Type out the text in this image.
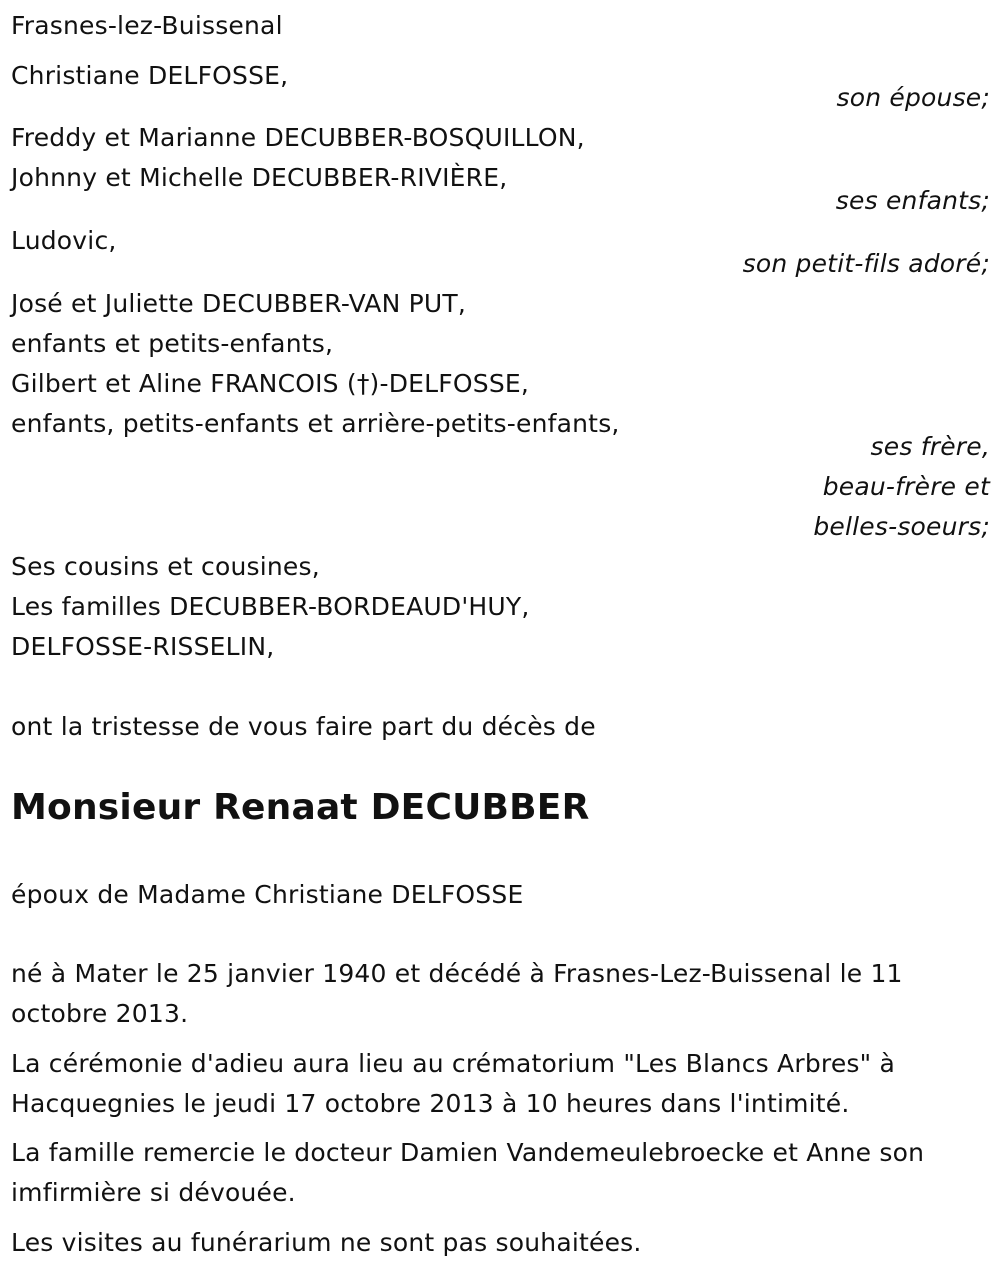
Frasnes-lez-Buissenal
Christiane DELFOSSE,
son épouse;
Freddy et Marianne DECUBBER-BOSQUILLON,
Johnny et Michelle DECUBBER-RIVIÈRE,
ses enfants;
Ludovic,
son petit-fils adoré;
José et Juliette DECUBBER-VAN PUT,
enfants et petits-enfants,
Gilbert et Aline FRANCOIS (†)-DELFOSSE,
enfants, petits-enfants et arrière-petits-enfants,
ses frère,
beau-frère et
belles-soeurs;
Ses cousins et cousines,
Les familles DECUBBER-BORDEAUD'HUY,
DELFOSSE-RISSELIN,
ont la tristesse de vous faire part du décès de
Monsieur Renaat DECUBBER
époux de Madame Christiane DELFOSSE
né à Mater le 25 janvier 1940 et décédé à Frasnes-Lez-Buissenal le 11
octobre 2013.
La cérémonie d'adieu aura lieu au crématorium "Les Blancs Arbres" à
Hacquegnies le jeudi 17 octobre 2013 à 10 heures dans l'intimité.
La famille remercie le docteur Damien Vandemeulebroecke et Anne son
imfirmière si dévouée.
Les visites au funérarium ne sont pas souhaitées.
